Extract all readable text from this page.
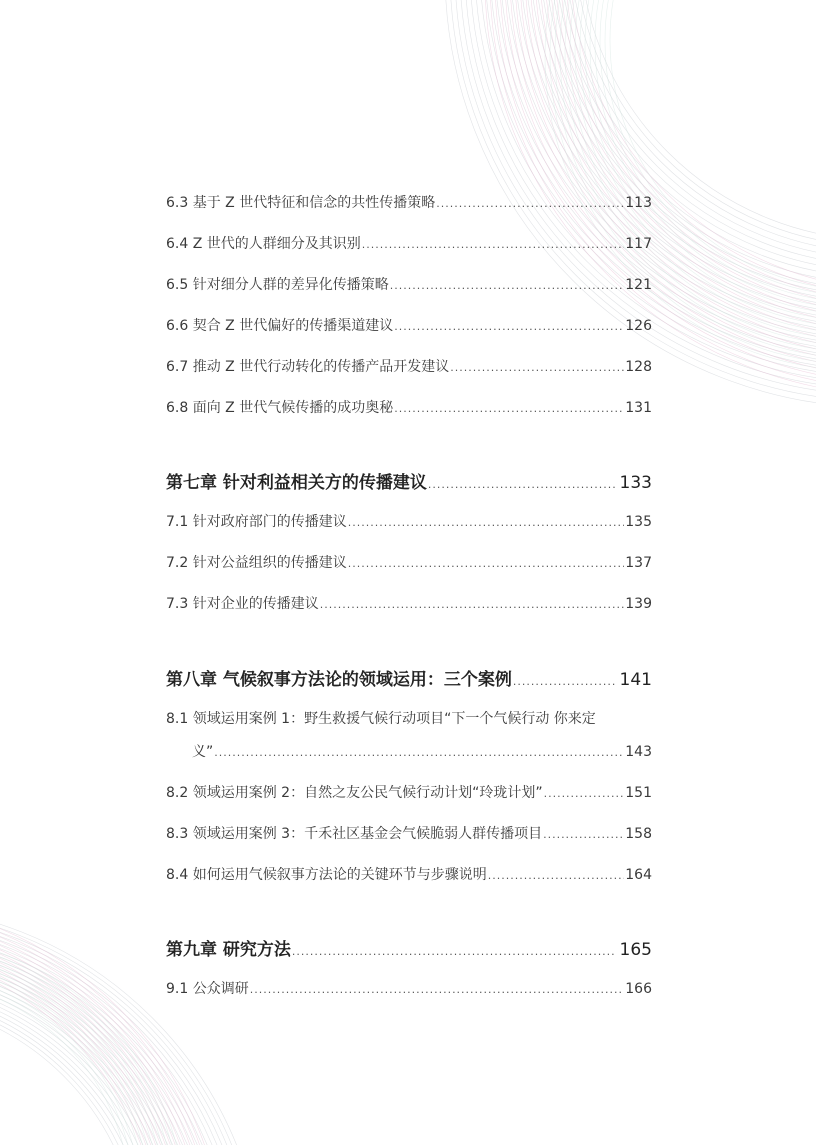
6.3 基于 Z 世代特征和信念的共性传播策略 .....	113
6.4 Z 世代的人群细分及其识别 .....	117
6.5 针对细分人群的差异化传播策略 .....	121
6.6 契合 Z 世代偏好的传播渠道建议 .....	126
6.7 推动 Z 世代行动转化的传播产品开发建议 .....	128
6.8 面向 Z 世代气候传播的成功奥秘 .....	131
第七章 针对利益相关方的传播建议 .....	133
7.1 针对政府部门的传播建议 .....	135
7.2 针对公益组织的传播建议 .....	137
7.3 针对企业的传播建议 .....	139
第八章 气候叙事方法论的领域运用：三个案例 .....	141
8.1 领域运用案例 1：野生救援气候行动项目“下一个气候行动 你来定
义” .....	143
8.2 领域运用案例 2：自然之友公民气候行动计划“玲珑计划” .....	151
8.3 领域运用案例 3：千禾社区基金会气候脆弱人群传播项目 .....	158
8.4 如何运用气候叙事方法论的关键环节与步骤说明 .....	164
第九章 研究方法 .....	165
9.1 公众调研 .....	166
